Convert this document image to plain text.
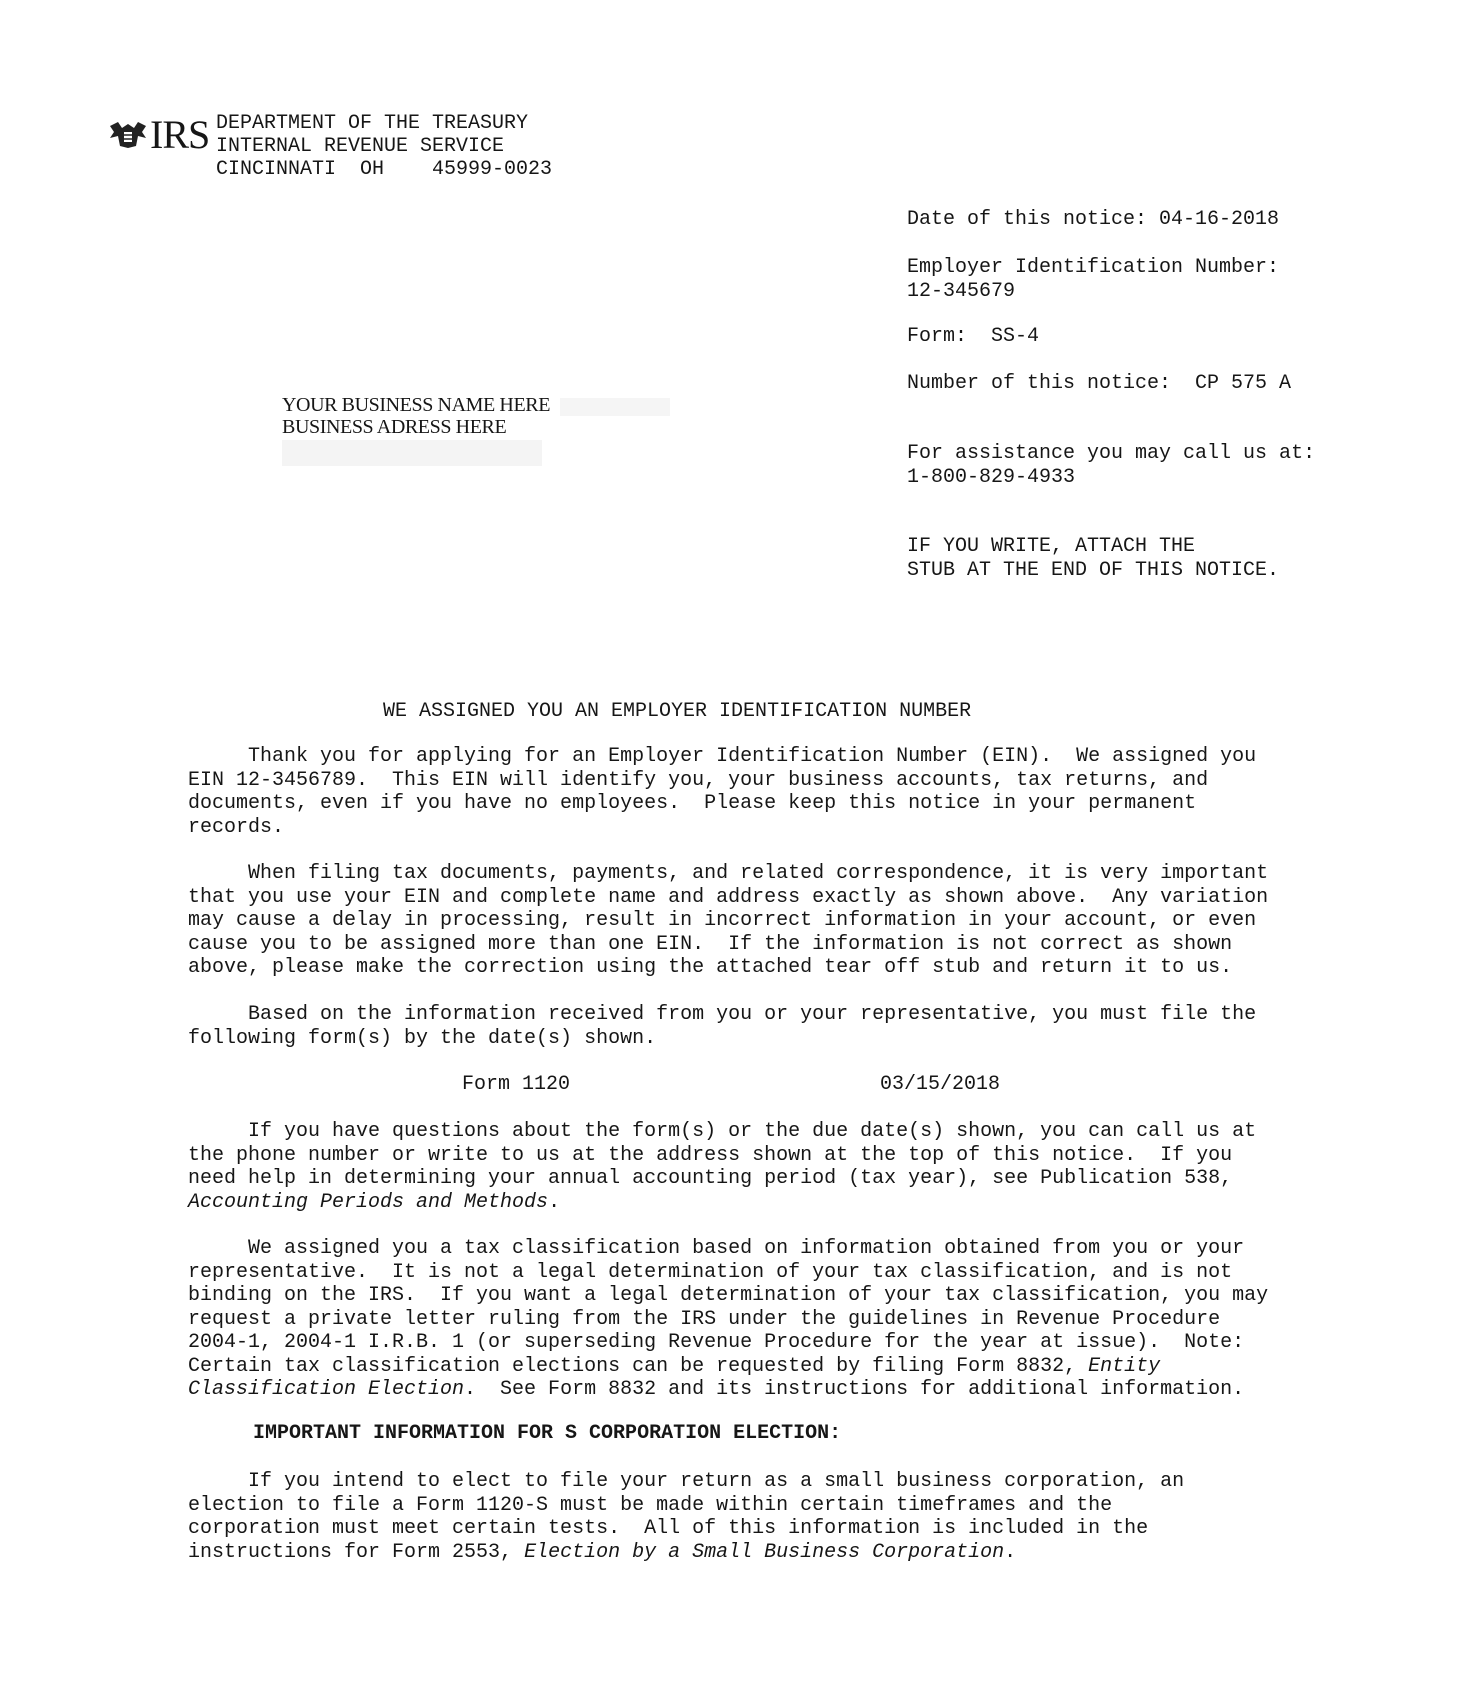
IRS DEPARTMENT OF THE TREASURY
INTERNAL REVENUE SERVICE
CINCINNATI  OH    45999-0023
Date of this notice: 04-16-2018
Employer Identification Number:
12-345679
Form:  SS-4
Number of this notice:  CP 575 A
For assistance you may call us at:
1-800-829-4933
IF YOU WRITE, ATTACH THE
STUB AT THE END OF THIS NOTICE.
YOUR BUSINESS NAME HERE
BUSINESS ADRESS HERE
WE ASSIGNED YOU AN EMPLOYER IDENTIFICATION NUMBER
Thank you for applying for an Employer Identification Number (EIN).  We assigned you
EIN 12-3456789.  This EIN will identify you, your business accounts, tax returns, and
documents, even if you have no employees.  Please keep this notice in your permanent
records.
When filing tax documents, payments, and related correspondence, it is very important
that you use your EIN and complete name and address exactly as shown above.  Any variation
may cause a delay in processing, result in incorrect information in your account, or even
cause you to be assigned more than one EIN.  If the information is not correct as shown
above, please make the correction using the attached tear off stub and return it to us.
Based on the information received from you or your representative, you must file the
following form(s) by the date(s) shown.
Form 1120	03/15/2018
If you have questions about the form(s) or the due date(s) shown, you can call us at
the phone number or write to us at the address shown at the top of this notice.  If you
need help in determining your annual accounting period (tax year), see Publication 538,
Accounting Periods and Methods.
We assigned you a tax classification based on information obtained from you or your
representative.  It is not a legal determination of your tax classification, and is not
binding on the IRS.  If you want a legal determination of your tax classification, you may
request a private letter ruling from the IRS under the guidelines in Revenue Procedure
2004-1, 2004-1 I.R.B. 1 (or superseding Revenue Procedure for the year at issue).  Note:
Certain tax classification elections can be requested by filing Form 8832, Entity
Classification Election.  See Form 8832 and its instructions for additional information.
IMPORTANT INFORMATION FOR S CORPORATION ELECTION:
If you intend to elect to file your return as a small business corporation, an
election to file a Form 1120-S must be made within certain timeframes and the
corporation must meet certain tests.  All of this information is included in the
instructions for Form 2553, Election by a Small Business Corporation.
